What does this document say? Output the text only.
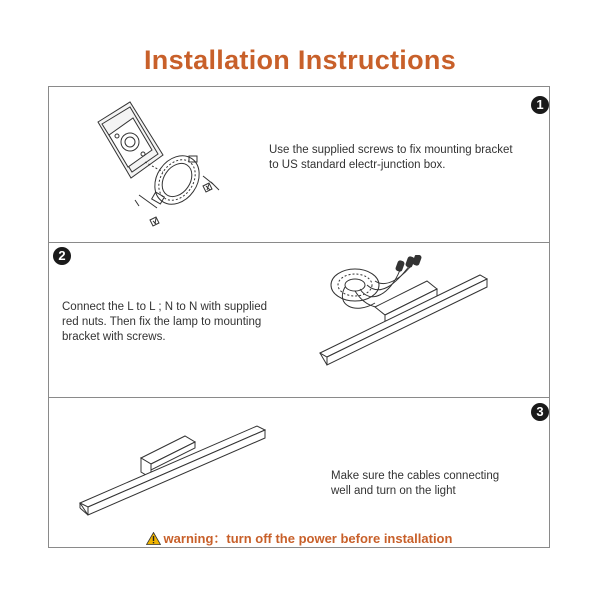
Installation Instructions
1
Use the supplied screws to fix mounting bracket
to US standard electr-junction box.
2
Connect the L to L ; N to N with supplied
red nuts. Then fix the lamp to mounting
bracket with screws.
3
Make sure the cables connecting
well and turn on the light
warning：turn off the power before installation
